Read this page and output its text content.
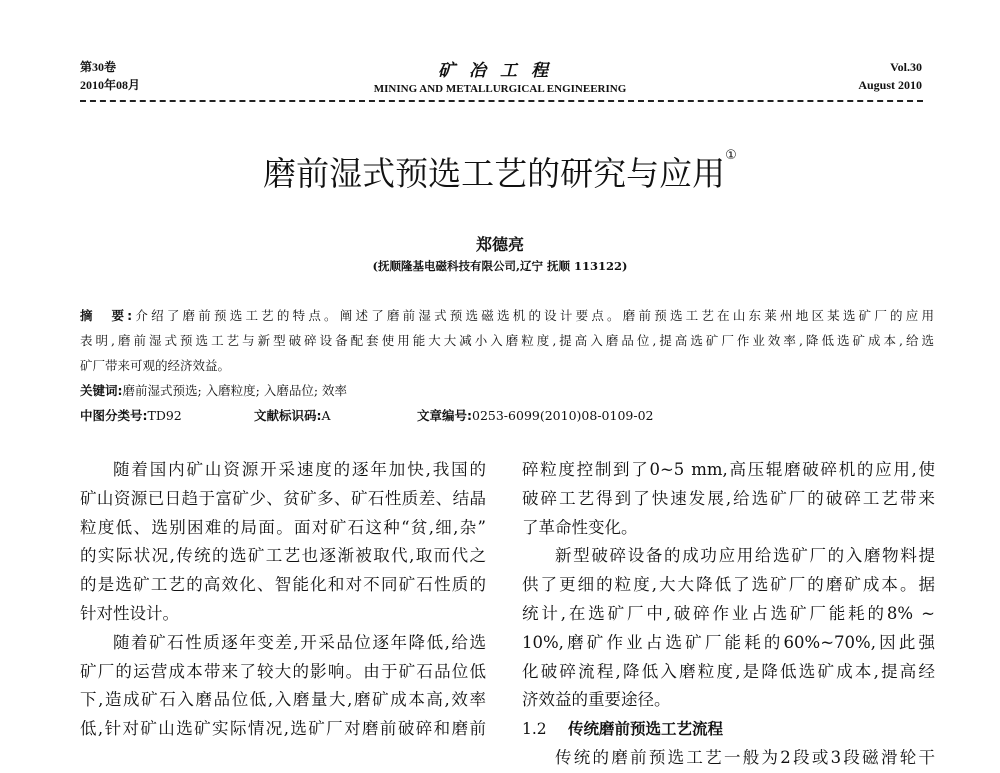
第30卷
2010年08月
矿冶工程
MINING AND METALLURGICAL ENGINEERING
Vol.30
August 2010
磨前湿式预选工艺的研究与应用①
郑德亮
(抚顺隆基电磁科技有限公司,辽宁 抚顺 113122)
摘　要:介绍了磨前预选工艺的特点。阐述了磨前湿式预选磁选机的设计要点。磨前预选工艺在山东莱州地区某选矿厂的应用
表明,磨前湿式预选工艺与新型破碎设备配套使用能大大减小入磨粒度,提高入磨品位,提高选矿厂作业效率,降低选矿成本,给选
矿厂带来可观的经济效益。
关键词: 磨前湿式预选; 入磨粒度; 入磨品位; 效率
中图分类号:TD92	文献标识码:A	文章编号:0253-6099(2010)08-0109-02
随着国内矿山资源开采速度的逐年加快,我国的
矿山资源已日趋于富矿少、贫矿多、矿石性质差、结晶
粒度低、选别困难的局面。面对矿石这种“贫,细,杂”
的实际状况,传统的选矿工艺也逐渐被取代,取而代之
的是选矿工艺的高效化、智能化和对不同矿石性质的
针对性设计。
随着矿石性质逐年变差,开采品位逐年降低,给选
矿厂的运营成本带来了较大的影响。由于矿石品位低
下,造成矿石入磨品位低,入磨量大,磨矿成本高,效率
低,针对矿山选矿实际情况,选矿厂对磨前破碎和磨前
碎粒度控制到了0~5 mm,高压辊磨破碎机的应用,使
破碎工艺得到了快速发展,给选矿厂的破碎工艺带来
了革命性变化。
新型破碎设备的成功应用给选矿厂的入磨物料提
供了更细的粒度,大大降低了选矿厂的磨矿成本。据
统计,在选矿厂中,破碎作业占选矿厂能耗的8% ~
10%,磨矿作业占选矿厂能耗的60%~70%,因此强
化破碎流程,降低入磨粒度,是降低选矿成本,提高经
济效益的重要途径。
1.2 传统磨前预选工艺流程
传统的磨前预选工艺一般为2段或3段磁滑轮干
